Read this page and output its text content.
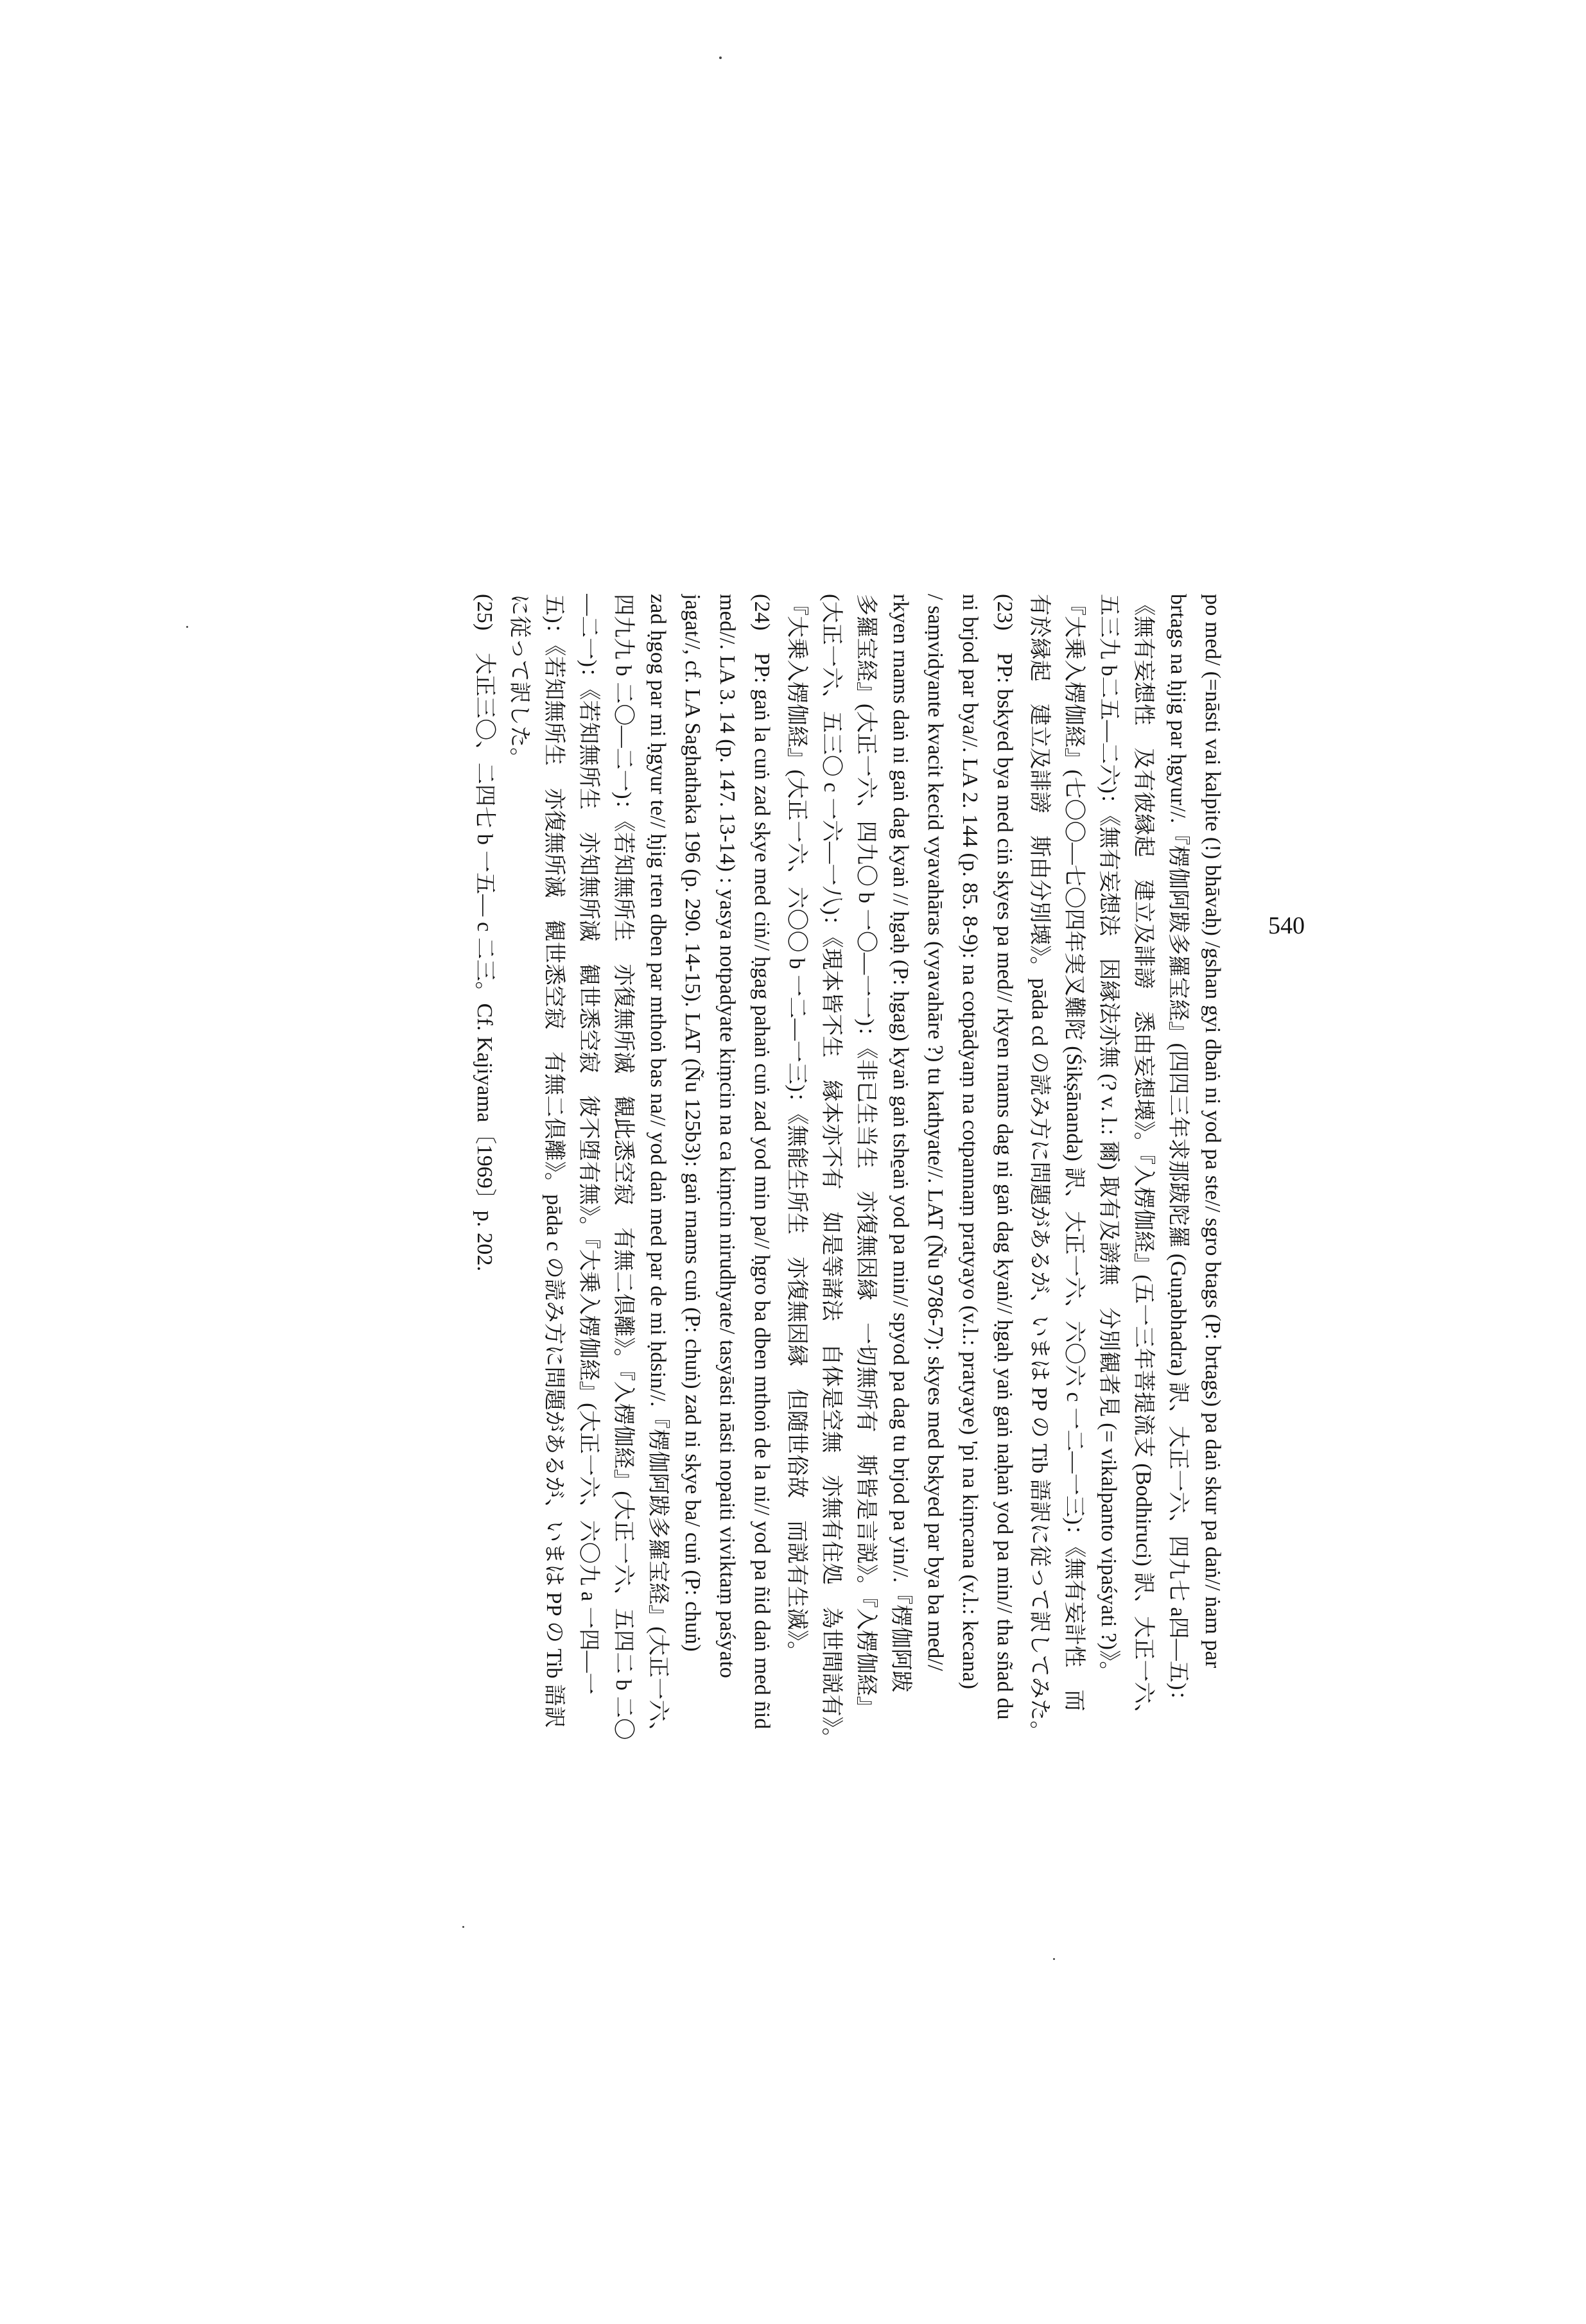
po med/ (=nāsti vai kalpite (!) bhāvaḥ) /gshan gyi dbaṅ ni yod pa ste// sgro btags (P: brtags) pa daṅ skur pa daṅ// ṅam par
brtags na ḥjig par ḥgyur//.『楞伽阿跋多羅宝経』(四四三年求那跋陀羅 (Guṇabhadra) 訳、大正一六、四九七 a四―五)：
《無有妄想性　及有彼縁起　建立及誹謗　悉由妄想壊》。『入楞伽経』(五一三年菩提流支 (Bodhiruci) 訳、大正一六、
五三九 b二五―二六)：《無有妄想法　因縁法亦無 (? v. l.: 爾) 取有及謗無　分別観者見 (= vikalpanto vipaśyati ?)》。
『大乗入楞伽経』(七〇〇―七〇四年実叉難陀 (Śikṣānanda) 訳、大正一六、六〇六 c 一二―一三)：《無有妄計性　而
有於縁起　建立及誹謗　斯由分別壊》。pāda cd の読み方に問題があるが、いまは PP の Tib 語訳に従って訳してみた。
(23)　PP: bskyed bya med ciṅ skyes pa med// rkyen rnams dag ni gaṅ dag kyaṅ// ḥgaḥ yaṅ gaṅ naḥaṅ yod pa min// tha sñad du
ni brjod par bya//. LA 2. 144 (p. 85. 8-9): na cotpādyaṃ na cotpannaṃ pratyayo (v.l.: pratyaye) 'pi na kiṃcana (v.l.: kecana)
/ saṃvidyante kvacit kecid vyavahāras (vyavahāre ?) tu kathyate//. LAT (Ñu 9786-7): skyes med bskyed par bya ba med//
rkyen rnams daṅ ni gaṅ dag kyaṅ // ḥgaḥ (P: ḥgag) kyaṅ gaṅ tshe̱aṅ yod pa min// spyod pa dag tu brjod pa yin//.『楞伽阿跋
多羅宝経』(大正一六、四九〇 b 一〇―一一)：《非已生当生　亦復無因縁　一切無所有　斯皆是言説》。『入楞伽経』
(大正一六、五三〇 c 一六―一八)：《現本皆不生　縁本亦不有　如是等諸法　自体是空無　亦無有住処　為世間説有》。
『大乗入楞伽経』(大正一六、六〇〇 b 一二―一三)：《無能生所生　亦復無因縁　但随世俗故　而説有生滅》。
(24)　PP: gaṅ la cuṅ zad skye med ciṅ// ḥgag pahaṅ cuṅ zad yod min pa// ḥgro ba dben mthoṅ de la ni// yod pa ñid daṅ med ñid
med//. LA 3. 14 (p. 147. 13-14) : yasya notpadyate kiṃcin na ca kiṃcin nirudhyate/ tasyāsti nāsti nopaiti viviktaṃ paśyato
jagat//, cf. LA Saghathaka 196 (p. 290. 14-15). LAT (Ñu 125b3): gaṅ rnams cuṅ (P: chuṅ) zad ni skye ba/ cuṅ (P: chuṅ)
zad ḥgog par mi ḥgyur te// ḥjig rten dben par mthoṅ bas na// yod daṅ med par de mi ḥdsin//.『楞伽阿跋多羅宝経』(大正一六、
四九九 b 二〇―二一)：《若知無所生　亦復無所滅　観此悉空寂　有無二倶離》。『入楞伽経』(大正一六、五四二 b 二〇
―二一)：《若知無所生　亦知無所滅　観世悉空寂　彼不堕有無》。『大乗入楞伽経』(大正一六、六〇九 a 一四―一
五)：《若知無所生　亦復無所滅　観世悉空寂　有無二倶離》。pāda c の読み方に問題があるが、いまは PP の Tib 語訳
に従って訳した。
(25)　大正三〇、二四七 b 一五― c 二三。Cf. Kajiyama〔1969〕p. 202.	540
